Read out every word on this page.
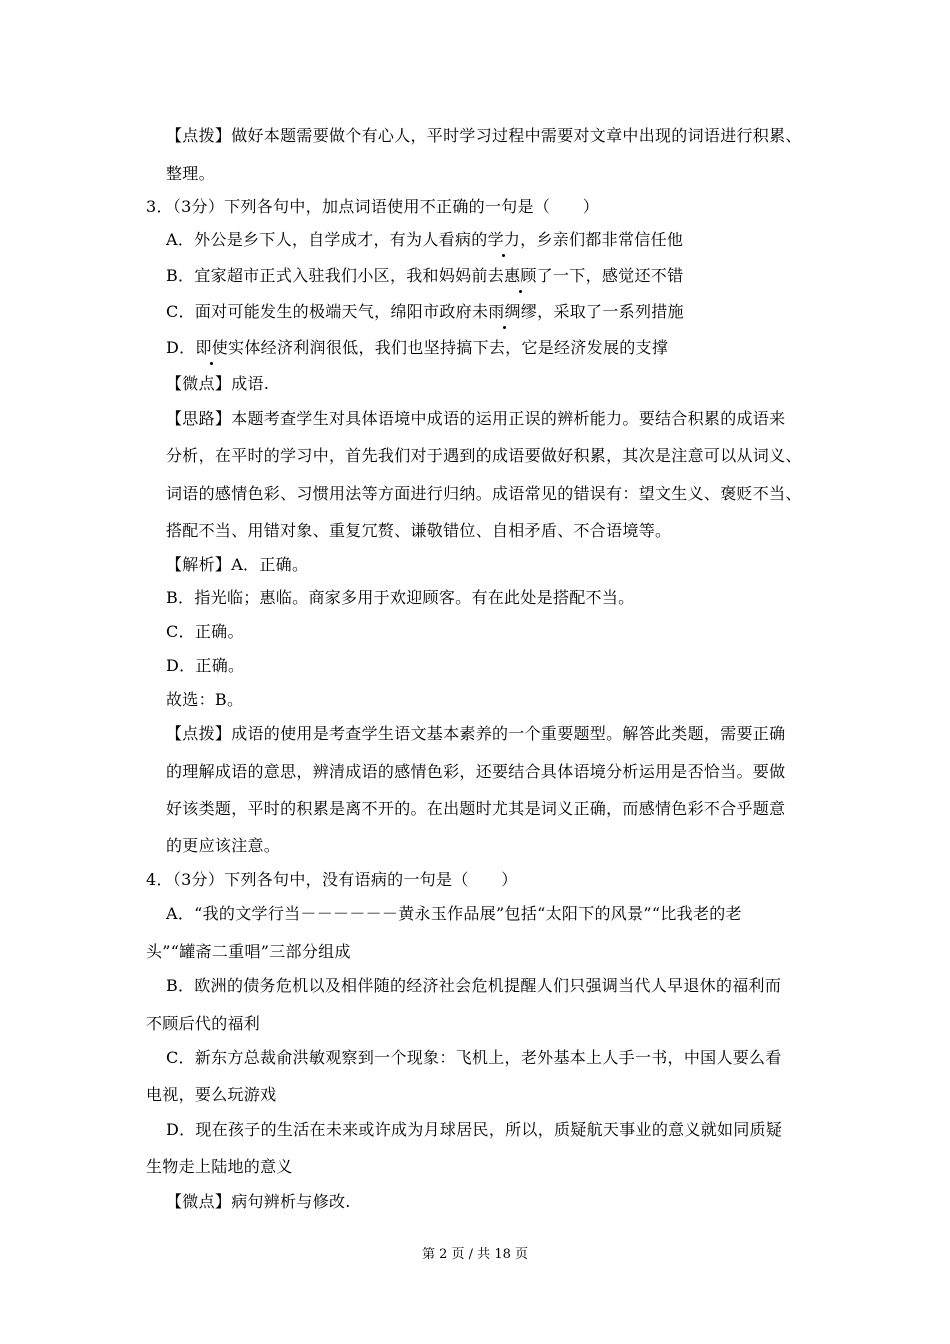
【点拨】做好本题需要做个有心人，平时学习过程中需要对文章中出现的词语进行积累、
整理。
3．（3分）下列各句中，加点词语使用不正确的一句是（　　）
A．外公是乡下人，自学成才，有为人看病的学力，乡亲们都非常信任他
B．宜家超市正式入驻我们小区，我和妈妈前去惠顾了一下，感觉还不错
C．面对可能发生的极端天气，绵阳市政府未雨绸缪，采取了一系列措施
D．即使实体经济利润很低，我们也坚持搞下去，它是经济发展的支撑
【微点】成语.
【思路】本题考查学生对具体语境中成语的运用正误的辨析能力。要结合积累的成语来
分析，在平时的学习中，首先我们对于遇到的成语要做好积累，其次是注意可以从词义、
词语的感情色彩、习惯用法等方面进行归纳。成语常见的错误有：望文生义、褒贬不当、
搭配不当、用错对象、重复冗赘、谦敬错位、自相矛盾、不合语境等。
【解析】A．正确。
B．指光临；惠临。商家多用于欢迎顾客。有在此处是搭配不当。
C．正确。
D．正确。
故选：B。
【点拨】成语的使用是考查学生语文基本素养的一个重要题型。解答此类题，需要正确
的理解成语的意思，辨清成语的感情色彩，还要结合具体语境分析运用是否恰当。要做
好该类题，平时的积累是离不开的。在出题时尤其是词义正确，而感情色彩不合乎题意
的更应该注意。
4．（3分）下列各句中，没有语病的一句是（　　）
A．“我的文学行当－－－－－－黄永玉作品展”包括“太阳下的风景”“比我老的老
头”“罐斋二重唱”三部分组成
B．欧洲的债务危机以及相伴随的经济社会危机提醒人们只强调当代人早退休的福利而
不顾后代的福利
C．新东方总裁俞洪敏观察到一个现象：飞机上，老外基本上人手一书，中国人要么看
电视，要么玩游戏
D．现在孩子的生活在未来或许成为月球居民，所以，质疑航天事业的意义就如同质疑
生物走上陆地的意义
【微点】病句辨析与修改.
第 2 页 / 共 18 页
